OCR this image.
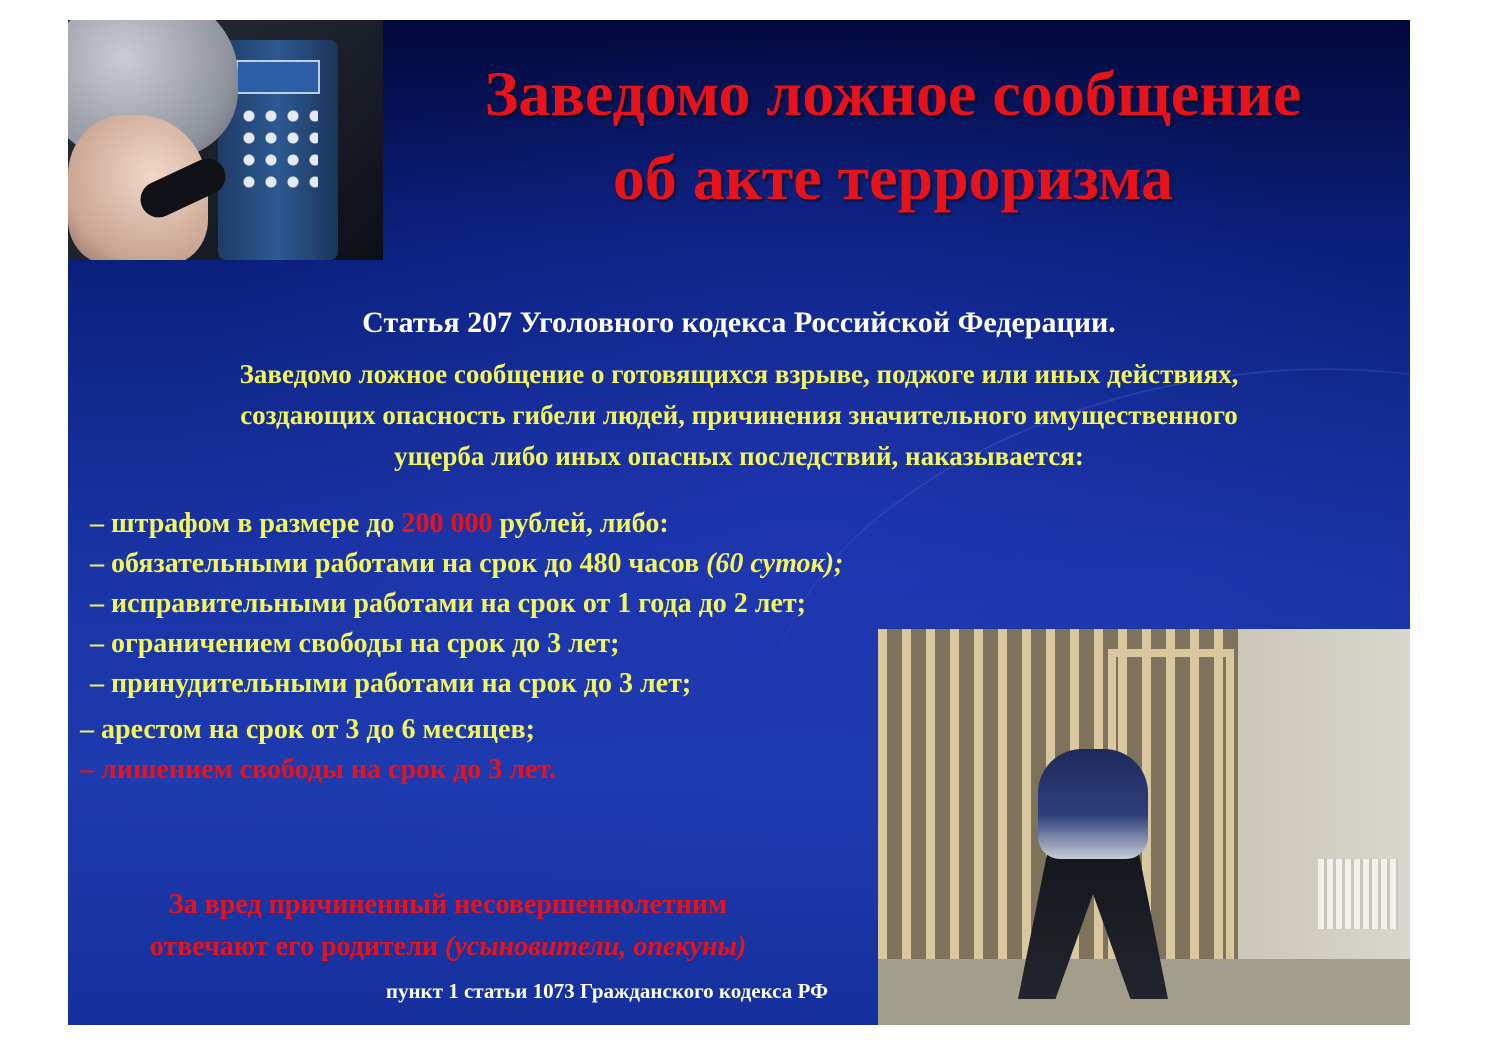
Заведомо ложное сообщение
об акте терроризма
Статья 207 Уголовного кодекса Российской Федерации.
Заведомо ложное сообщение о готовящихся взрыве, поджоге или иных действиях,
создающих опасность гибели людей, причинения значительного имущественного
ущерба либо иных опасных последствий, наказывается:
– штрафом в размере до 200 000 рублей, либо:
– обязательными работами на срок до 480 часов (60 суток);
– исправительными работами на срок от 1 года до 2 лет;
– ограничением свободы на срок до 3 лет;
– принудительными работами на срок до 3 лет;
– арестом на срок от 3 до 6 месяцев;
– лишением свободы на срок до 3 лет.
За вред причиненный несовершеннолетним
отвечают его родители (усыновители, опекуны)
пункт 1 статьи 1073 Гражданского кодекса РФ
